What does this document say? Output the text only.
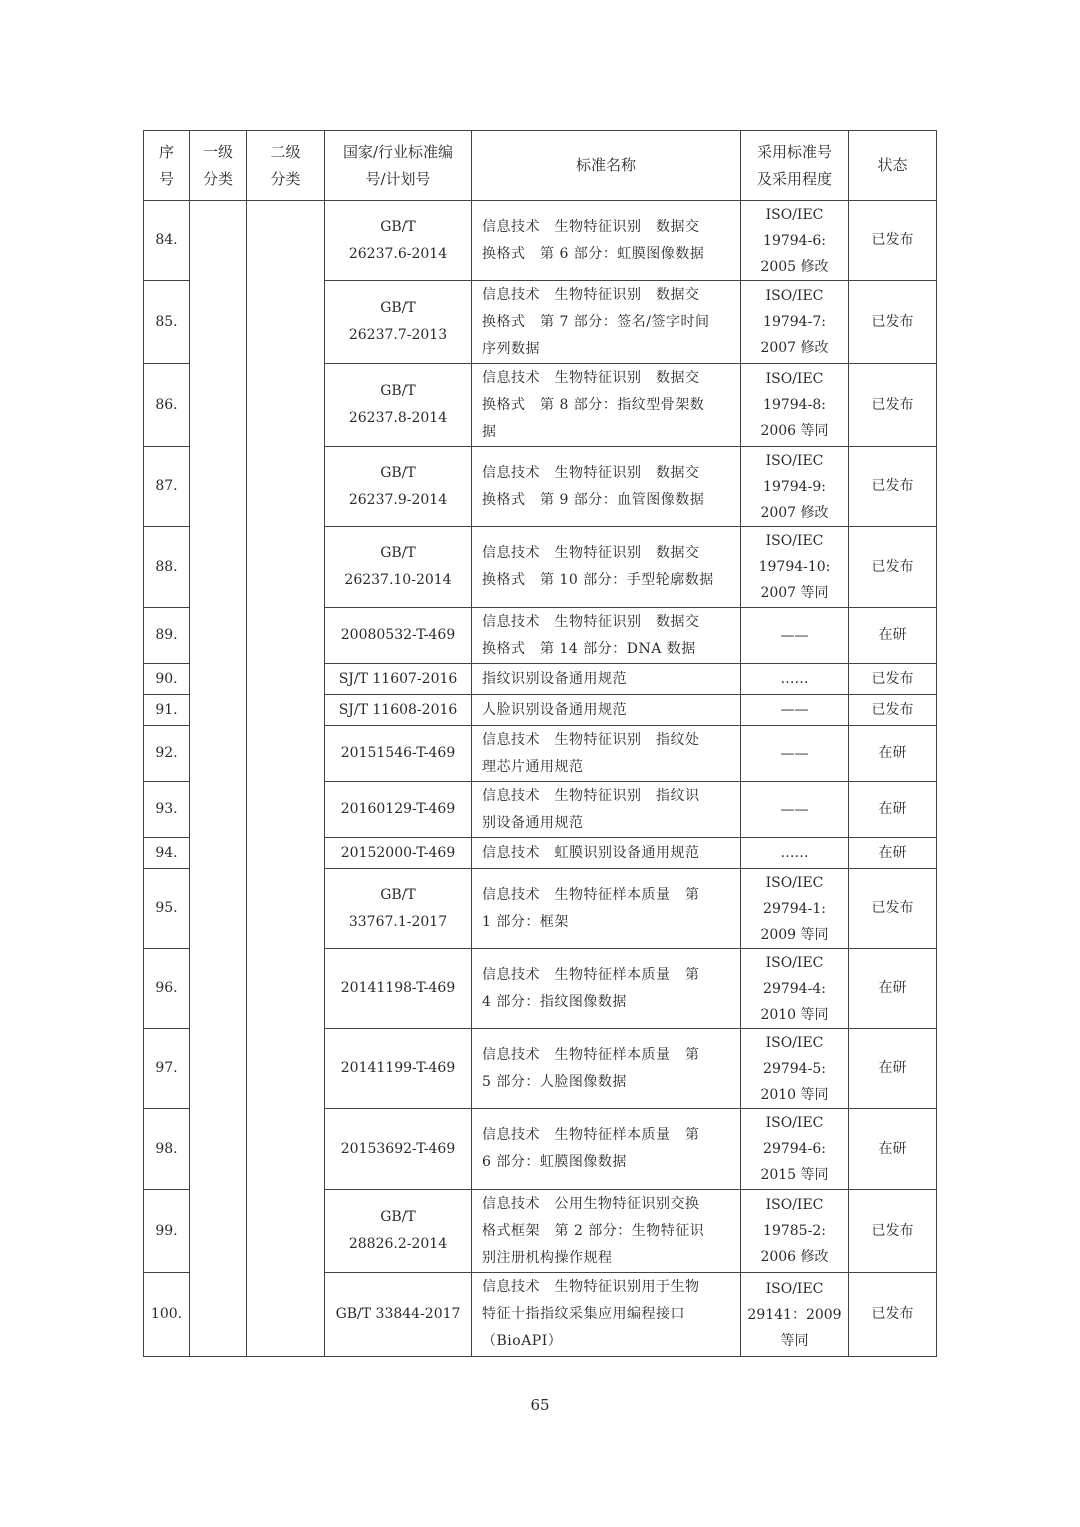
序
号	一级
分类	二级
分类	国家/行业标准编
号/计划号	标准名称	采用标准号
及采用程度	状态
84.			GB/T
26237.6-2014	信息技术　生物特征识别　数据交
换格式　第 6 部分：虹膜图像数据	ISO/IEC
19794-6:
2005 修改	已发布
85.			GB/T
26237.7-2013	信息技术　生物特征识别　数据交
换格式　第 7 部分：签名/签字时间
序列数据	ISO/IEC
19794-7:
2007 修改	已发布
86.			GB/T
26237.8-2014	信息技术　生物特征识别　数据交
换格式　第 8 部分：指纹型骨架数
据	ISO/IEC
19794-8:
2006 等同	已发布
87.			GB/T
26237.9-2014	信息技术　生物特征识别　数据交
换格式　第 9 部分：血管图像数据	ISO/IEC
19794-9:
2007 修改	已发布
88.			GB/T
26237.10-2014	信息技术　生物特征识别　数据交
换格式　第 10 部分：手型轮廓数据	ISO/IEC
19794-10:
2007 等同	已发布
89.			20080532-T-469	信息技术　生物特征识别　数据交
换格式　第 14 部分：DNA 数据	——	在研
90.			SJ/T 11607-2016	指纹识别设备通用规范	……	已发布
91.			SJ/T 11608-2016	人脸识别设备通用规范	——	已发布
92.			20151546-T-469	信息技术　生物特征识别　指纹处
理芯片通用规范	——	在研
93.			20160129-T-469	信息技术　生物特征识别　指纹识
别设备通用规范	——	在研
94.			20152000-T-469	信息技术　虹膜识别设备通用规范	……	在研
95.			GB/T
33767.1-2017	信息技术　生物特征样本质量　第
1 部分：框架	ISO/IEC
29794-1:
2009 等同	已发布
96.			20141198-T-469	信息技术　生物特征样本质量　第
4 部分：指纹图像数据	ISO/IEC
29794-4:
2010 等同	在研
97.			20141199-T-469	信息技术　生物特征样本质量　第
5 部分：人脸图像数据	ISO/IEC
29794-5:
2010 等同	在研
98.			20153692-T-469	信息技术　生物特征样本质量　第
6 部分：虹膜图像数据	ISO/IEC
29794-6:
2015 等同	在研
99.			GB/T
28826.2-2014	信息技术　公用生物特征识别交换
格式框架　第 2 部分：生物特征识
别注册机构操作规程	ISO/IEC
19785-2:
2006 修改	已发布
100.			GB/T 33844-2017	信息技术　生物特征识别用于生物
特征十指指纹采集应用编程接口
（BioAPI）	ISO/IEC
29141：2009
等同	已发布
65
